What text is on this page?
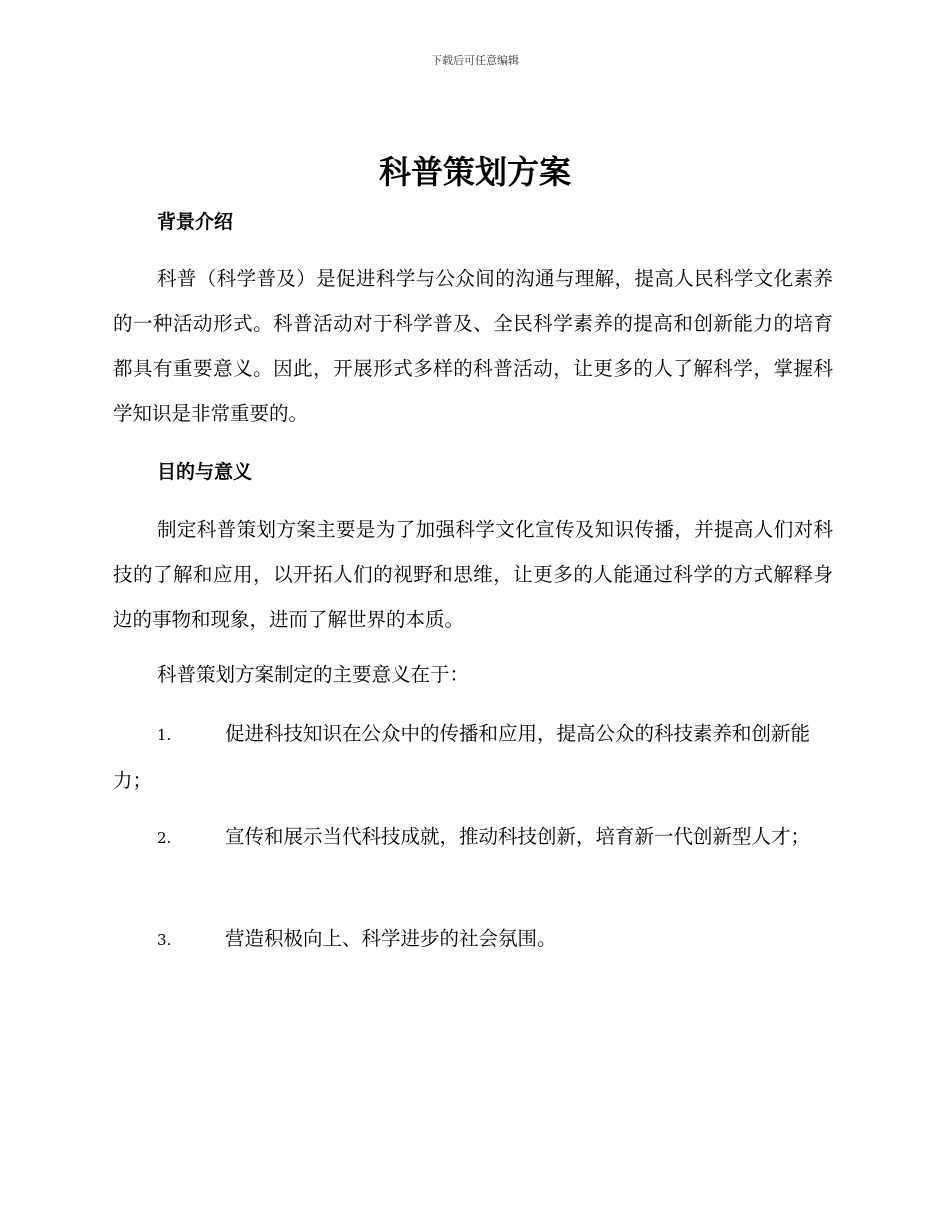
下载后可任意编辑
科普策划方案
背景介绍

科普（科学普及）是促进科学与公众间的沟通与理解，提高人民科学文化素养的一种活动形式。科普活动对于科学普及、全民科学素养的提高和创新能力的培育都具有重要意义。因此，开展形式多样的科普活动，让更多的人了解科学，掌握科学知识是非常重要的。

目的与意义

制定科普策划方案主要是为了加强科学文化宣传及知识传播，并提高人们对科技的了解和应用，以开拓人们的视野和思维，让更多的人能通过科学的方式解释身边的事物和现象，进而了解世界的本质。

科普策划方案制定的主要意义在于：

1.	促进科技知识在公众中的传播和应用，提高公众的科技素养和创新能力；

2.	宣传和展示当代科技成就，推动科技创新，培育新一代创新型人才；

3.	营造积极向上、科学进步的社会氛围。
